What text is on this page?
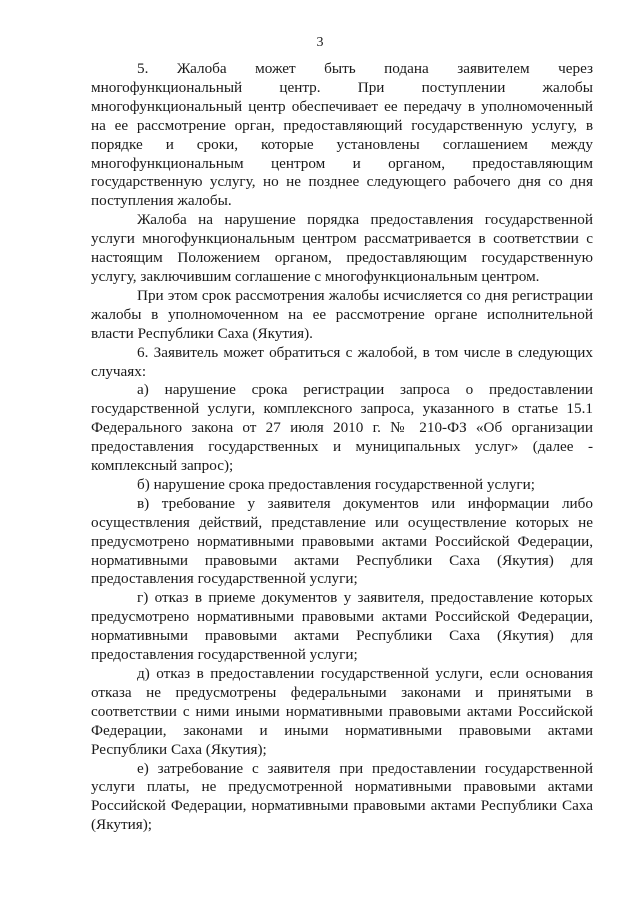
3

5. Жалоба может быть подана заявителем через многофункциональный центр. При поступлении жалобы многофункциональный центр обеспечивает ее передачу в уполномоченный на ее рассмотрение орган, предоставляющий государственную услугу, в порядке и сроки, которые установлены соглашением между многофункциональным центром и органом, предоставляющим государственную услугу, но не позднее следующего рабочего дня со дня поступления жалобы.

Жалоба на нарушение порядка предоставления государственной услуги многофункциональным центром рассматривается в соответствии с настоящим Положением органом, предоставляющим государственную услугу, заключившим соглашение с многофункциональным центром.

При этом срок рассмотрения жалобы исчисляется со дня регистрации жалобы в уполномоченном на ее рассмотрение органе исполнительной власти Республики Саха (Якутия).

6. Заявитель может обратиться с жалобой, в том числе в следующих случаях:

а) нарушение срока регистрации запроса о предоставлении государственной услуги, комплексного запроса, указанного в статье 15.1 Федерального закона от 27 июля 2010 г. № 210-ФЗ «Об организации предоставления государственных и муниципальных услуг» (далее - комплексный запрос);

б) нарушение срока предоставления государственной услуги;

в) требование у заявителя документов или информации либо осуществления действий, представление или осуществление которых не предусмотрено нормативными правовыми актами Российской Федерации, нормативными правовыми актами Республики Саха (Якутия) для предоставления государственной услуги;

г) отказ в приеме документов у заявителя, предоставление которых предусмотрено нормативными правовыми актами Российской Федерации, нормативными правовыми актами Республики Саха (Якутия) для предоставления государственной услуги;

д) отказ в предоставлении государственной услуги, если основания отказа не предусмотрены федеральными законами и принятыми в соответствии с ними иными нормативными правовыми актами Российской Федерации, законами и иными нормативными правовыми актами Республики Саха (Якутия);

е) затребование с заявителя при предоставлении государственной услуги платы, не предусмотренной нормативными правовыми актами Российской Федерации, нормативными правовыми актами Республики Саха (Якутия);
